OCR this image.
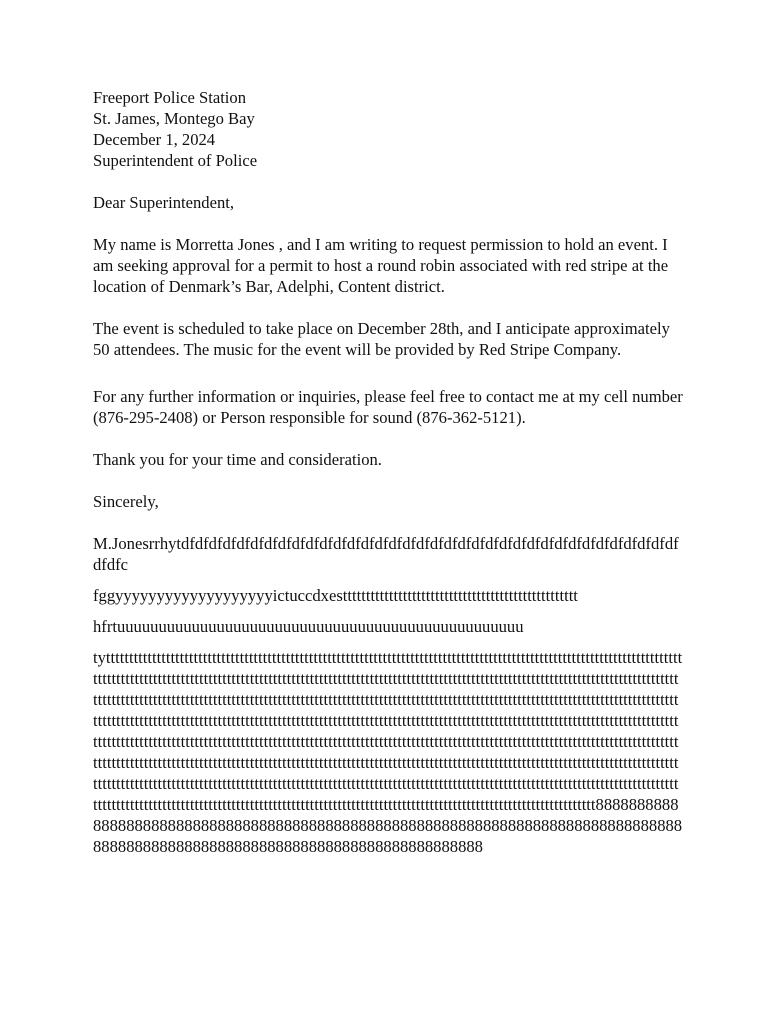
Freeport Police Station

St. James, Montego Bay

December 1, 2024

Superintendent of Police

Dear Superintendent,

My name is Morretta Jones , and I am writing to request permission to hold an event. I am seeking approval for a permit to host a round robin associated with red stripe at the location of Denmark’s Bar, Adelphi, Content district.

The event is scheduled to take place on December 28th, and I anticipate approximately 50 attendees. The music for the event will be provided by Red Stripe Company.

For any further information or inquiries, please feel free to contact me at my cell number (876-295-2408) or Person responsible for sound (876-362-5121).

Thank you for your time and consideration.

Sincerely,

M.Jonesrrhytdfdfdfdfdfdfdfdfdfdfdfdfdfdfdfdfdfdfdfdfdfdfdfdfdfdfdfdfdfdfdfdfdfdfdfdfdfdfc

fggyyyyyyyyyyyyyyyyyyyictuccdxesttttttttttttttttttttttttttttttttttttttttttttttttttt

hfrtuuuuuuuuuuuuuuuuuuuuuuuuuuuuuuuuuuuuuuuuuuuuuuuuu

tytttttttttttttttttttttttttttttttttttttttttttttttttttttttttttttttttttttttttttttttttttttttttttttttttttttttttttttttttttttttttttttttttttttttttttttttttttttttttttttttttttttttttttttttttttttttttttttttttttttttttttttttttttttttttttttttttttttttttttttttttttttttttttttttttttttttttttttttttttttttttttttttttttttttttttttttttttttttttttttttttttttttttttttttttttttttttttttttttttttttttttttttttttttttttttttttttttttttttttttttttttttttttttttttttttttttttttttttttttttttttttttttttttttttttttttttttttttttttttttttttttttttttttttttttttttttttttttttttttttttttttttttttttttttttttttttttttttttttttttttttttttttttttttttttttttttttttttttttttttttttttttttttttttttttttttttttttttttttttttttttttttttttttttttttttttttttttttttttttttttttttttttttttttttttttttttttttttttttttttttttttttttttttttttttttttttttttttttttttttttttttttttttttttttttttttttttttttttttttttttttttttttttttttttttttttttttttttttttttttttttttttttttttttttttttttttttttttttttttttttttttttttttttttttttttttttttttttttttttttttttttttttttttttttttttttttttttttttttttttttttttttttttttttttttttttttttttttttttttt88888888888888888888888888888888888888888888888888888888888888888888888888888888888888888888888888888888888888888888888888888888
